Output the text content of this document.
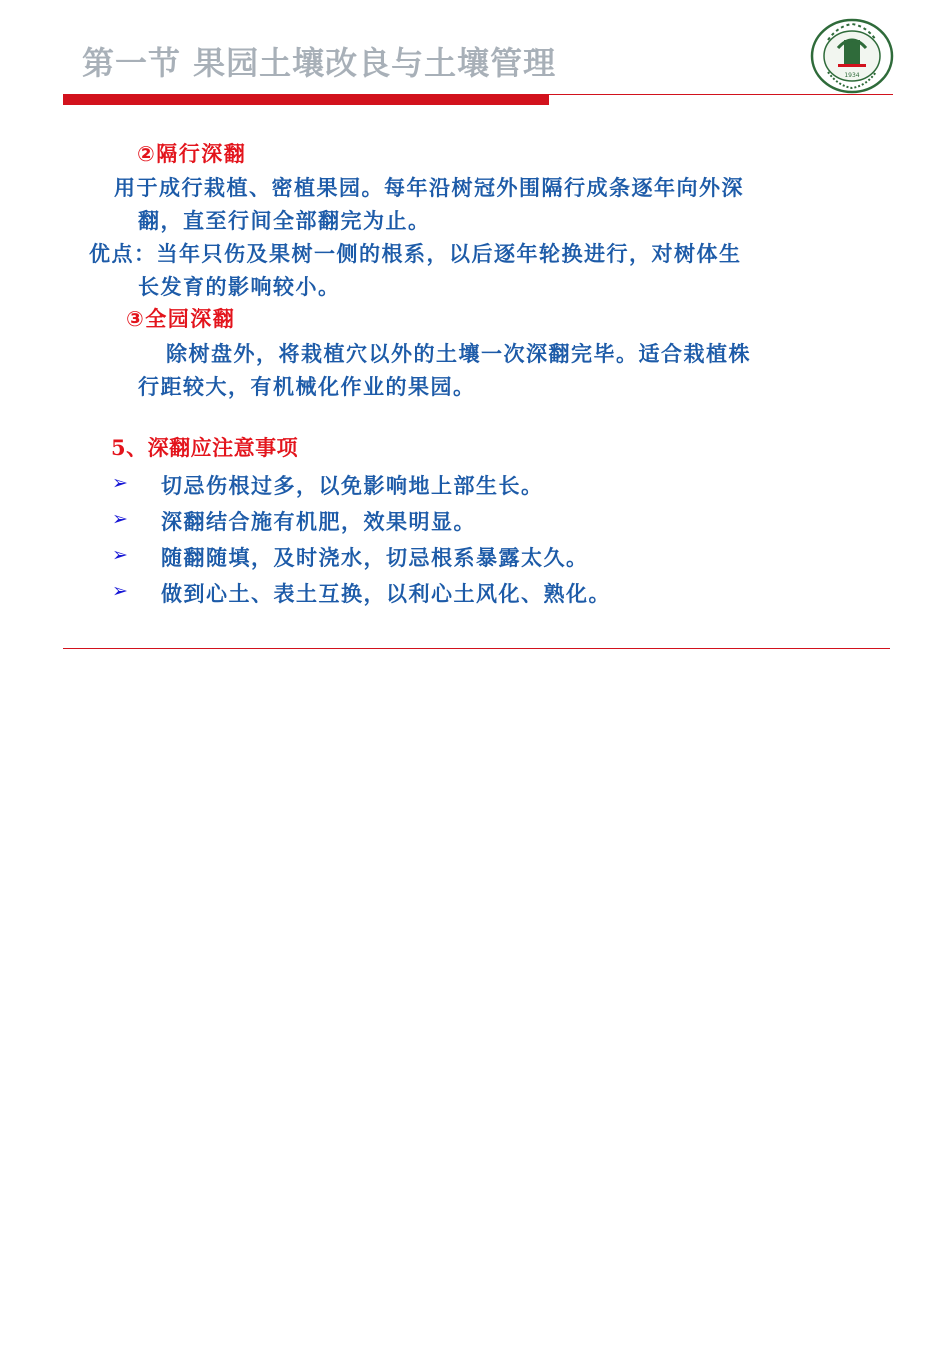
第一节 果园土壤改良与土壤管理	1934
②隔行深翻
用于成行栽植、密植果园。每年沿树冠外围隔行成条逐年向外深
翻，直至行间全部翻完为止。
优点：当年只伤及果树一侧的根系，以后逐年轮换进行，对树体生
长发育的影响较小。
③全园深翻
除树盘外，将栽植穴以外的土壤一次深翻完毕。适合栽植株
行距较大，有机械化作业的果园。
5、深翻应注意事项
➢ 切忌伤根过多，以免影响地上部生长。
➢ 深翻结合施有机肥，效果明显。
➢ 随翻随填，及时浇水，切忌根系暴露太久。
➢ 做到心土、表土互换，以利心土风化、熟化。
